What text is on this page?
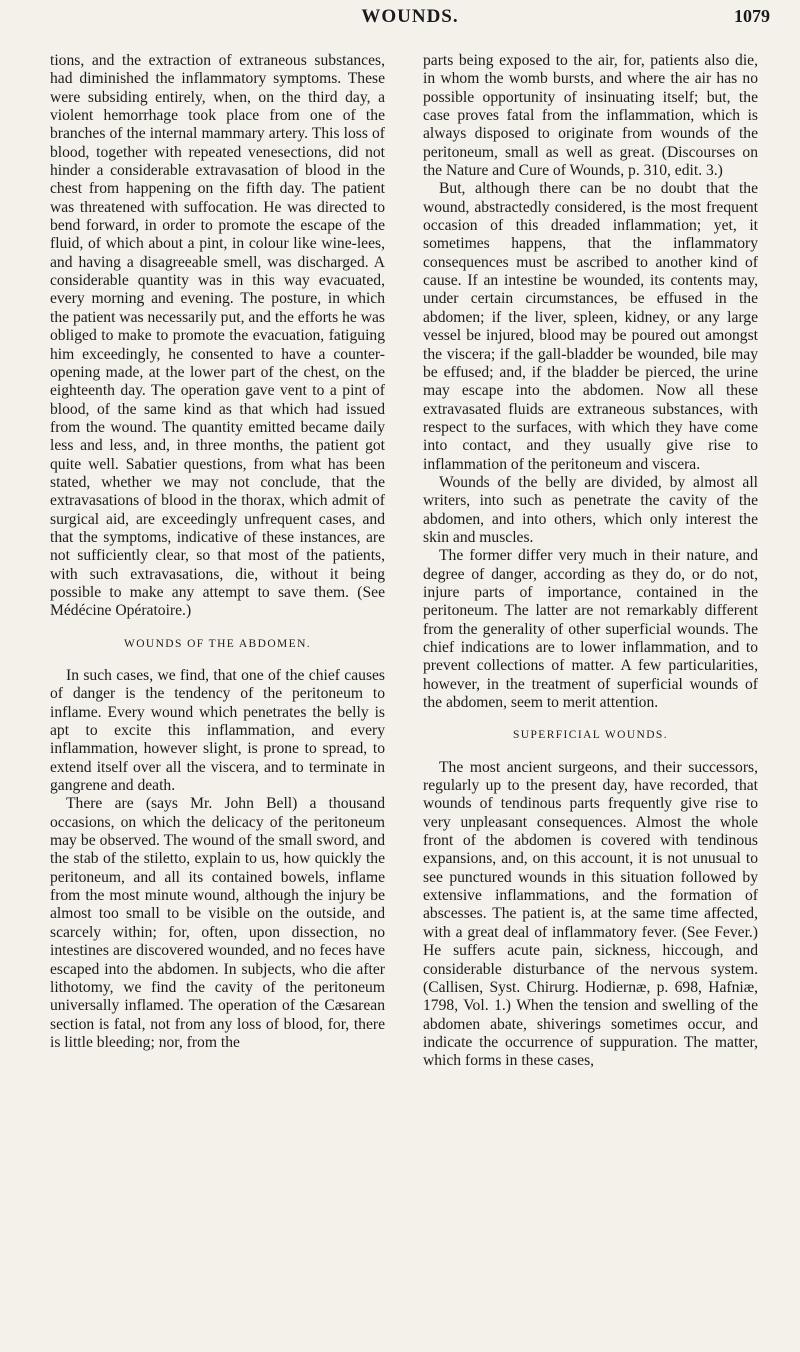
WOUNDS.	1079

tions, and the extraction of extraneous substances, had diminished the inflammatory symptoms. These were subsiding entirely, when, on the third day, a violent hemorrhage took place from one of the branches of the internal mammary artery. This loss of blood, together with repeated venesections, did not hinder a considerable extravasation of blood in the chest from happening on the fifth day. The patient was threatened with suffocation. He was directed to bend forward, in order to promote the escape of the fluid, of which about a pint, in colour like wine-lees, and having a disagreeable smell, was discharged. A considerable quantity was in this way evacuated, every morning and evening. The posture, in which the patient was necessarily put, and the efforts he was obliged to make to promote the evacuation, fatiguing him exceedingly, he consented to have a counter-opening made, at the lower part of the chest, on the eighteenth day. The operation gave vent to a pint of blood, of the same kind as that which had issued from the wound. The quantity emitted became daily less and less, and, in three months, the patient got quite well. Sabatier questions, from what has been stated, whether we may not conclude, that the extravasations of blood in the thorax, which admit of surgical aid, are exceedingly unfrequent cases, and that the symptoms, indicative of these instances, are not sufficiently clear, so that most of the patients, with such extravasations, die, without it being possible to make any attempt to save them. (See Médécine Opératoire.)

WOUNDS OF THE ABDOMEN.

In such cases, we find, that one of the chief causes of danger is the tendency of the peritoneum to inflame. Every wound which penetrates the belly is apt to excite this inflammation, and every inflammation, however slight, is prone to spread, to extend itself over all the viscera, and to terminate in gangrene and death.

There are (says Mr. John Bell) a thousand occasions, on which the delicacy of the peritoneum may be observed. The wound of the small sword, and the stab of the stiletto, explain to us, how quickly the peritoneum, and all its contained bowels, inflame from the most minute wound, although the injury be almost too small to be visible on the outside, and scarcely within; for, often, upon dissection, no intestines are discovered wounded, and no feces have escaped into the abdomen. In subjects, who die after lithotomy, we find the cavity of the peritoneum universally inflamed. The operation of the Cæsarean section is fatal, not from any loss of blood, for, there is little bleeding; nor, from the

parts being exposed to the air, for, patients also die, in whom the womb bursts, and where the air has no possible opportunity of insinuating itself; but, the case proves fatal from the inflammation, which is always disposed to originate from wounds of the peritoneum, small as well as great. (Discourses on the Nature and Cure of Wounds, p. 310, edit. 3.)

But, although there can be no doubt that the wound, abstractedly considered, is the most frequent occasion of this dreaded inflammation; yet, it sometimes happens, that the inflammatory consequences must be ascribed to another kind of cause. If an intestine be wounded, its contents may, under certain circumstances, be effused in the abdomen; if the liver, spleen, kidney, or any large vessel be injured, blood may be poured out amongst the viscera; if the gall-bladder be wounded, bile may be effused; and, if the bladder be pierced, the urine may escape into the abdomen. Now all these extravasated fluids are extraneous substances, with respect to the surfaces, with which they have come into contact, and they usually give rise to inflammation of the peritoneum and viscera.

Wounds of the belly are divided, by almost all writers, into such as penetrate the cavity of the abdomen, and into others, which only interest the skin and muscles.

The former differ very much in their nature, and degree of danger, according as they do, or do not, injure parts of importance, contained in the peritoneum. The latter are not remarkably different from the generality of other superficial wounds. The chief indications are to lower inflammation, and to prevent collections of matter. A few particularities, however, in the treatment of superficial wounds of the abdomen, seem to merit attention.

SUPERFICIAL WOUNDS.

The most ancient surgeons, and their successors, regularly up to the present day, have recorded, that wounds of tendinous parts frequently give rise to very unpleasant consequences. Almost the whole front of the abdomen is covered with tendinous expansions, and, on this account, it is not unusual to see punctured wounds in this situation followed by extensive inflammations, and the formation of abscesses. The patient is, at the same time affected, with a great deal of inflammatory fever. (See Fever.) He suffers acute pain, sickness, hiccough, and considerable disturbance of the nervous system. (Callisen, Syst. Chirurg. Hodiernæ, p. 698, Hafniæ, 1798, Vol. 1.) When the tension and swelling of the abdomen abate, shiverings sometimes occur, and indicate the occurrence of suppuration. The matter, which forms in these cases,
